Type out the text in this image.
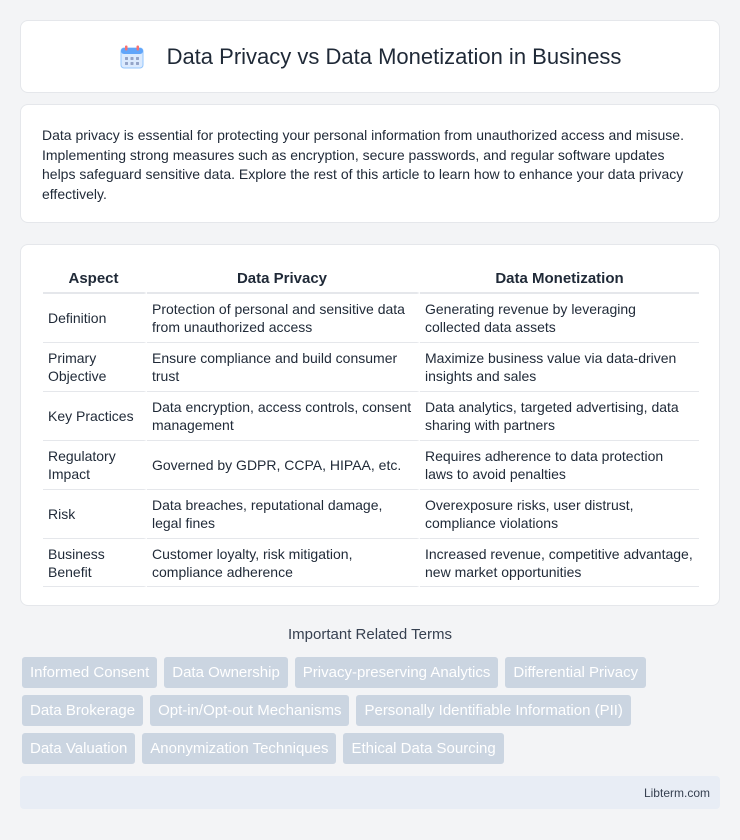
Data Privacy vs Data Monetization in Business

Data privacy is essential for protecting your personal information from unauthorized access and misuse. Implementing strong measures such as encryption, secure passwords, and regular software updates helps safeguard sensitive data. Explore the rest of this article to learn how to enhance your data privacy effectively.

Aspect	Data Privacy	Data Monetization
Definition	Protection of personal and sensitive data from unauthorized access	Generating revenue by leveraging collected data assets
Primary Objective	Ensure compliance and build consumer trust	Maximize business value via data-driven insights and sales
Key Practices	Data encryption, access controls, consent management	Data analytics, targeted advertising, data sharing with partners
Regulatory Impact	Governed by GDPR, CCPA, HIPAA, etc.	Requires adherence to data protection laws to avoid penalties
Risk	Data breaches, reputational damage, legal fines	Overexposure risks, user distrust, compliance violations
Business Benefit	Customer loyalty, risk mitigation, compliance adherence	Increased revenue, competitive advantage, new market opportunities
Important Related Terms
Informed Consent	Data Ownership	Privacy-preserving Analytics	Differential Privacy
Data Brokerage	Opt-in/Opt-out Mechanisms	Personally Identifiable Information (PII)
Data Valuation	Anonymization Techniques	Ethical Data Sourcing
Libterm.com
